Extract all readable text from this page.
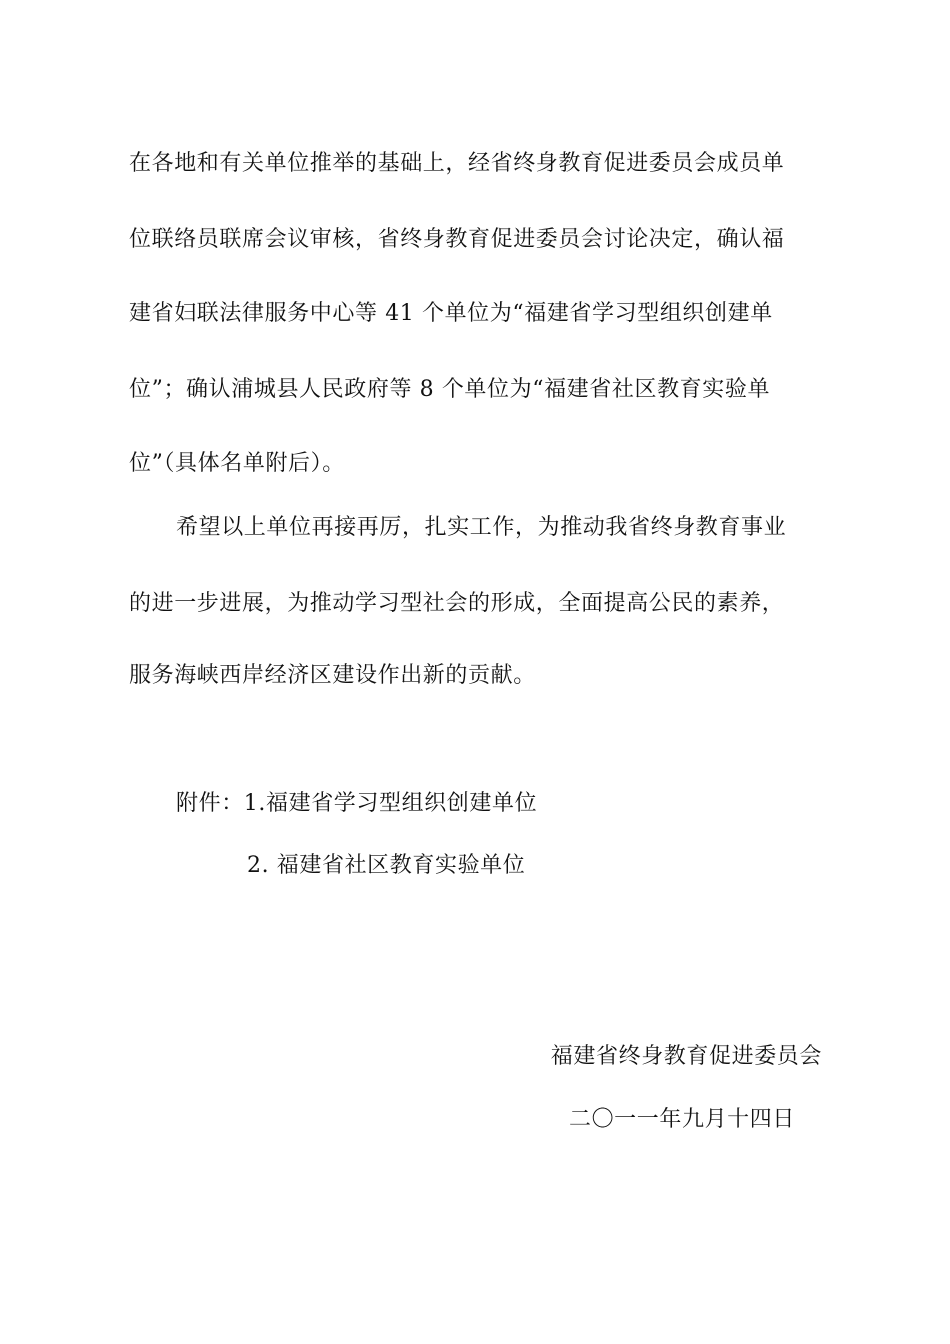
在各地和有关单位推举的基础上，经省终身教育促进委员会成员单
位联络员联席会议审核，省终身教育促进委员会讨论决定，确认福
建省妇联法律服务中心等 41 个单位为“福建省学习型组织创建单
位”；确认浦城县人民政府等 8 个单位为“福建省社区教育实验单
位”（具体名单附后）。
希望以上单位再接再厉，扎实工作，为推动我省终身教育事业
的进一步进展，为推动学习型社会的形成，全面提高公民的素养，
服务海峡西岸经济区建设作出新的贡献。
附件：1.福建省学习型组织创建单位
2. 福建省社区教育实验单位
福建省终身教育促进委员会
二〇一一年九月十四日
